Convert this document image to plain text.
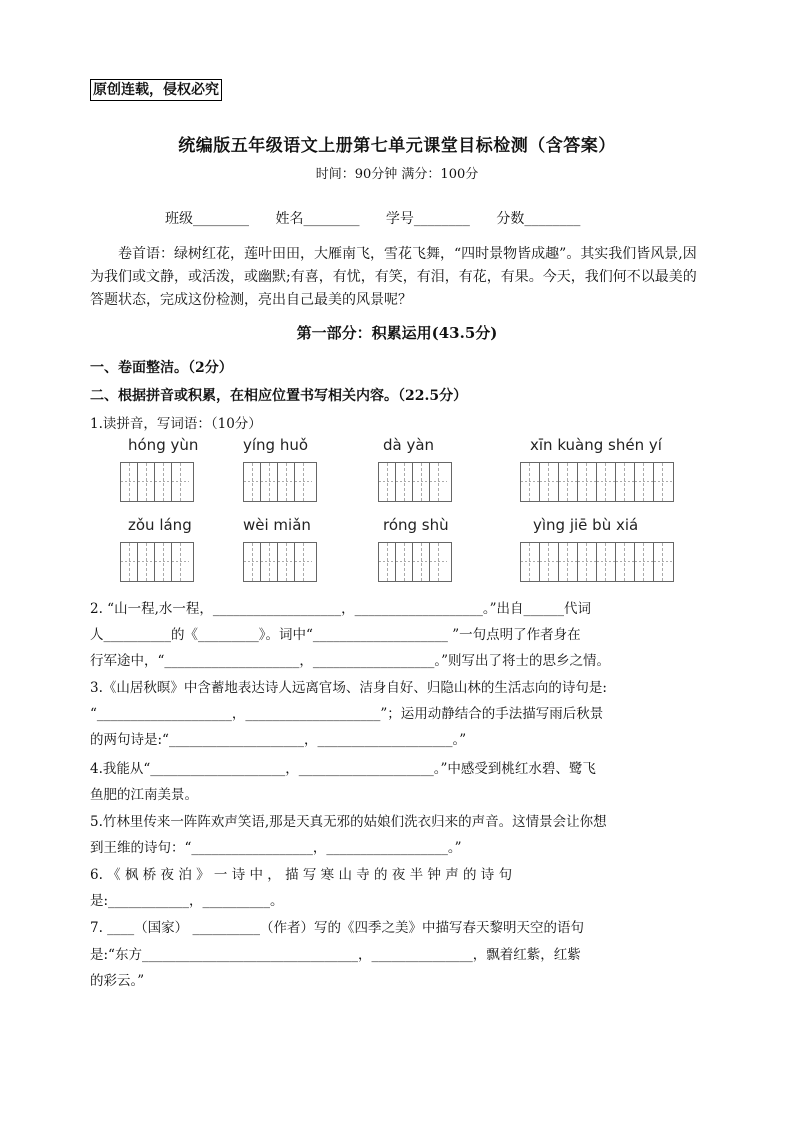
原创连载，侵权必究
统编版五年级语文上册第七单元课堂目标检测（含答案）
时间：90分钟 满分：100分
班级________ 姓名________ 学号________ 分数________
卷首语：绿树红花，莲叶田田，大雁南飞，雪花飞舞，“四时景物皆成趣”。其实我们皆风景,因为我们或文静，或活泼，或幽默;有喜，有忧，有笑，有泪，有花，有果。今天，我们何不以最美的答题状态，完成这份检测，亮出自己最美的风景呢？
第一部分：积累运用(43.5分)
一、卷面整洁。（2分）
二、根据拼音或积累，在相应位置书写相关内容。（22.5分）
1.读拼音，写词语：（10分）
hóng yùn	yíng huǒ	dà yàn	xīn kuàng shén yí
zǒu láng	wèi miǎn	róng shù	yìng jiē bù xiá
2. “山一程,水一程，___________________，___________________。”出自______代词
人__________的《_________》。词中“____________________ ”一句点明了作者身在
行军途中，“____________________，__________________。”则写出了将士的思乡之情。
3.《山居秋暝》中含蓄地表达诗人远离官场、洁身自好、归隐山林的生活志向的诗句是:
“____________________，____________________”；运用动静结合的手法描写雨后秋景
的两句诗是:“____________________，____________________。”
4.我能从“____________________，____________________。”中感受到桃红水碧、鹭飞
鱼肥的江南美景。
5.竹林里传来一阵阵欢声笑语,那是天真无邪的姑娘们洗衣归来的声音。这情景会让你想
到王维的诗句：“__________________，__________________。”
6. 《 枫 桥 夜 泊 》 一 诗 中 ， 描 写 寒 山 寺 的 夜 半 钟 声 的 诗 句
是:____________，__________。
7. ____（国家） __________（作者）写的《四季之美》中描写春天黎明天空的语句
是:“东方________________________________，_______________，飘着红紫，红紫
的彩云。”
